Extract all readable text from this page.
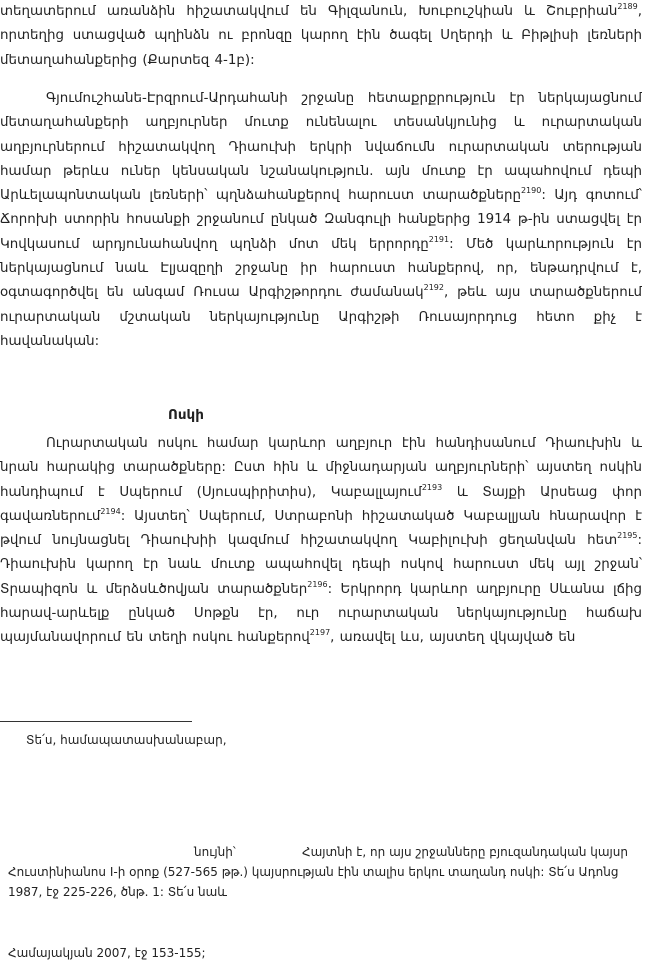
տեղատերում առանձին հիշատակվում են Գիլզանուն, Խուբուշկիան և Շուբրիան$^{2189}$,
որտեղից ստացված պղինձն ու բրոնզը կարող էին ծագել Սղերդի և Բիթլիսի լեռների
մետաղահանքերից (Քարտեզ 4-1բ):
Գյումուշհանե-Էրզրում-Արդահանի շրջանը հետաքրքրություն էր ներկայացնում
մետաղահանքերի աղբյուրներ մուտք ունենալու տեսանկյունից և ուրարտական
աղբյուրներում հիշատակվող Դիաուխի երկրի նվաճումն ուրարտական տերության
համար թերևս ուներ կենսական նշանակություն. այն մուտք էր ապահովում դեպի
Արևելապոնտական լեռների՝ պղնձահանքերով հարուստ տարածքները$^{2190}$: Այդ գոտում՝
Ճորոխի ստորին հոսանքի շրջանում ընկած Զանգուլի հանքերից 1914 թ-ին ստացվել էր
Կովկասում արդյունահանվող պղնձի մոտ մեկ երրորդը$^{2191}$: Մեծ կարևորություն էր
ներկայացնում նաև Էլյազըղի շրջանը իր հարուստ հանքերով, որ, ենթադրվում է,
օգտագործվել են անգամ Ռուսա Արգիշթորդու ժամանակ$^{2192}$, թեև այս տարածքներում
ուրարտական մշտական ներկայությունը Արգիշթի Ռուսայորդուց հետո քիչ է
հավանական:
Ոսկի
Ուրարտական ոսկու համար կարևոր աղբյուր էին հանդիսանում Դիաուխին և
նրան հարակից տարածքները: Ըստ հին և միջնադարյան աղբյուրների՝ այստեղ ոսկին
հանդիպում է Սպերում (Սյուսպիրիտիս), Կաբալլայում$^{2193}$ և Տայքի Արսեաց փոր
գավառներում$^{2194}$: Այստեղ՝ Սպերում, Ստրաբոնի հիշատակած Կաբալլյան հնարավոր է
թվում նույնացնել Դիաուխիի կազմում հիշատակվող Կաբիլուխի ցեղանվան հետ$^{2195}$:
Դիաուխին կարող էր նաև մուտք ապահովել դեպի ոսկով հարուստ մեկ այլ շրջան՝
Տրապիզոն և մերձսևծովյան տարածքներ$^{2196}$: Երկրորդ կարևոր աղբյուրը Սևանա լճից
հարավ-արևելք ընկած Սոթքն էր, ուր ուրարտական ներկայությունը հաճախ
պայմանավորում են տեղի ոսկու հանքերով$^{2197}$, առավել ևս, այստեղ վկայված են
Տե՛ս, համապատասխանաբար,
նույնի՝	Հայտնի է, որ այս շրջանները բյուզանդական կայսր
Հուստինիանոս I-ի օրոք (527-565 թթ.) կայսրության էին տալիս երկու տաղանդ ոսկի: Տե՛ս Ադոնց
1987, էջ 225-226, ծնթ. 1: Տե՛ս նաև
Համայակյան 2007, էջ 153-155;
